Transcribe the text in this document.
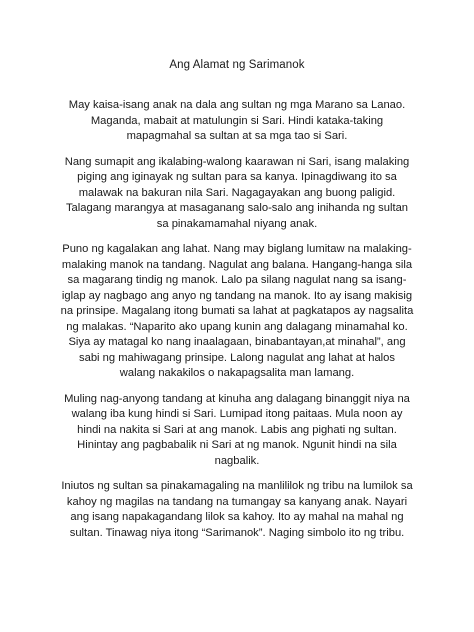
Ang Alamat ng Sarimanok

May kaisa-isang anak na dala ang sultan ng mga Marano sa Lanao. Maganda, mabait at matulungin si Sari. Hindi kataka-taking mapagmahal sa sultan at sa mga tao si Sari.

Nang sumapit ang ikalabing-walong kaarawan ni Sari, isang malaking piging ang iginayak ng sultan para sa kanya. Ipinagdiwang ito sa malawak na bakuran nila Sari. Nagagayakan ang buong paligid. Talagang marangya at masaganang salo-salo ang inihanda ng sultan sa pinakamamahal niyang anak.

Puno ng kagalakan ang lahat. Nang may biglang lumitaw na malaking-malaking manok na tandang. Nagulat ang balana. Hangang-hanga sila sa magarang tindig ng manok. Lalo pa silang nagulat nang sa isang-iglap ay nagbago ang anyo ng tandang na manok. Ito ay isang makisig na prinsipe. Magalang itong bumati sa lahat at pagkatapos ay nagsalita ng malakas. “Naparito ako upang kunin ang dalagang minamahal ko. Siya ay matagal ko nang inaalagaan, binabantayan,at minahal”, ang sabi ng mahiwagang prinsipe. Lalong nagulat ang lahat at halos walang nakakilos o nakapagsalita man lamang.

Muling nag-anyong tandang at kinuha ang dalagang binanggit niya na walang iba kung hindi si Sari. Lumipad itong paitaas. Mula noon ay hindi na nakita si Sari at ang manok. Labis ang pighati ng sultan. Hinintay ang pagbabalik ni Sari at ng manok. Ngunit hindi na sila nagbalik.

Iniutos ng sultan sa pinakamagaling na manlililok ng tribu na lumilok sa kahoy ng magilas na tandang na tumangay sa kanyang anak. Nayari ang isang napakagandang lilok sa kahoy. Ito ay mahal na mahal ng sultan. Tinawag niya itong “Sarimanok”. Naging simbolo ito ng tribu.
